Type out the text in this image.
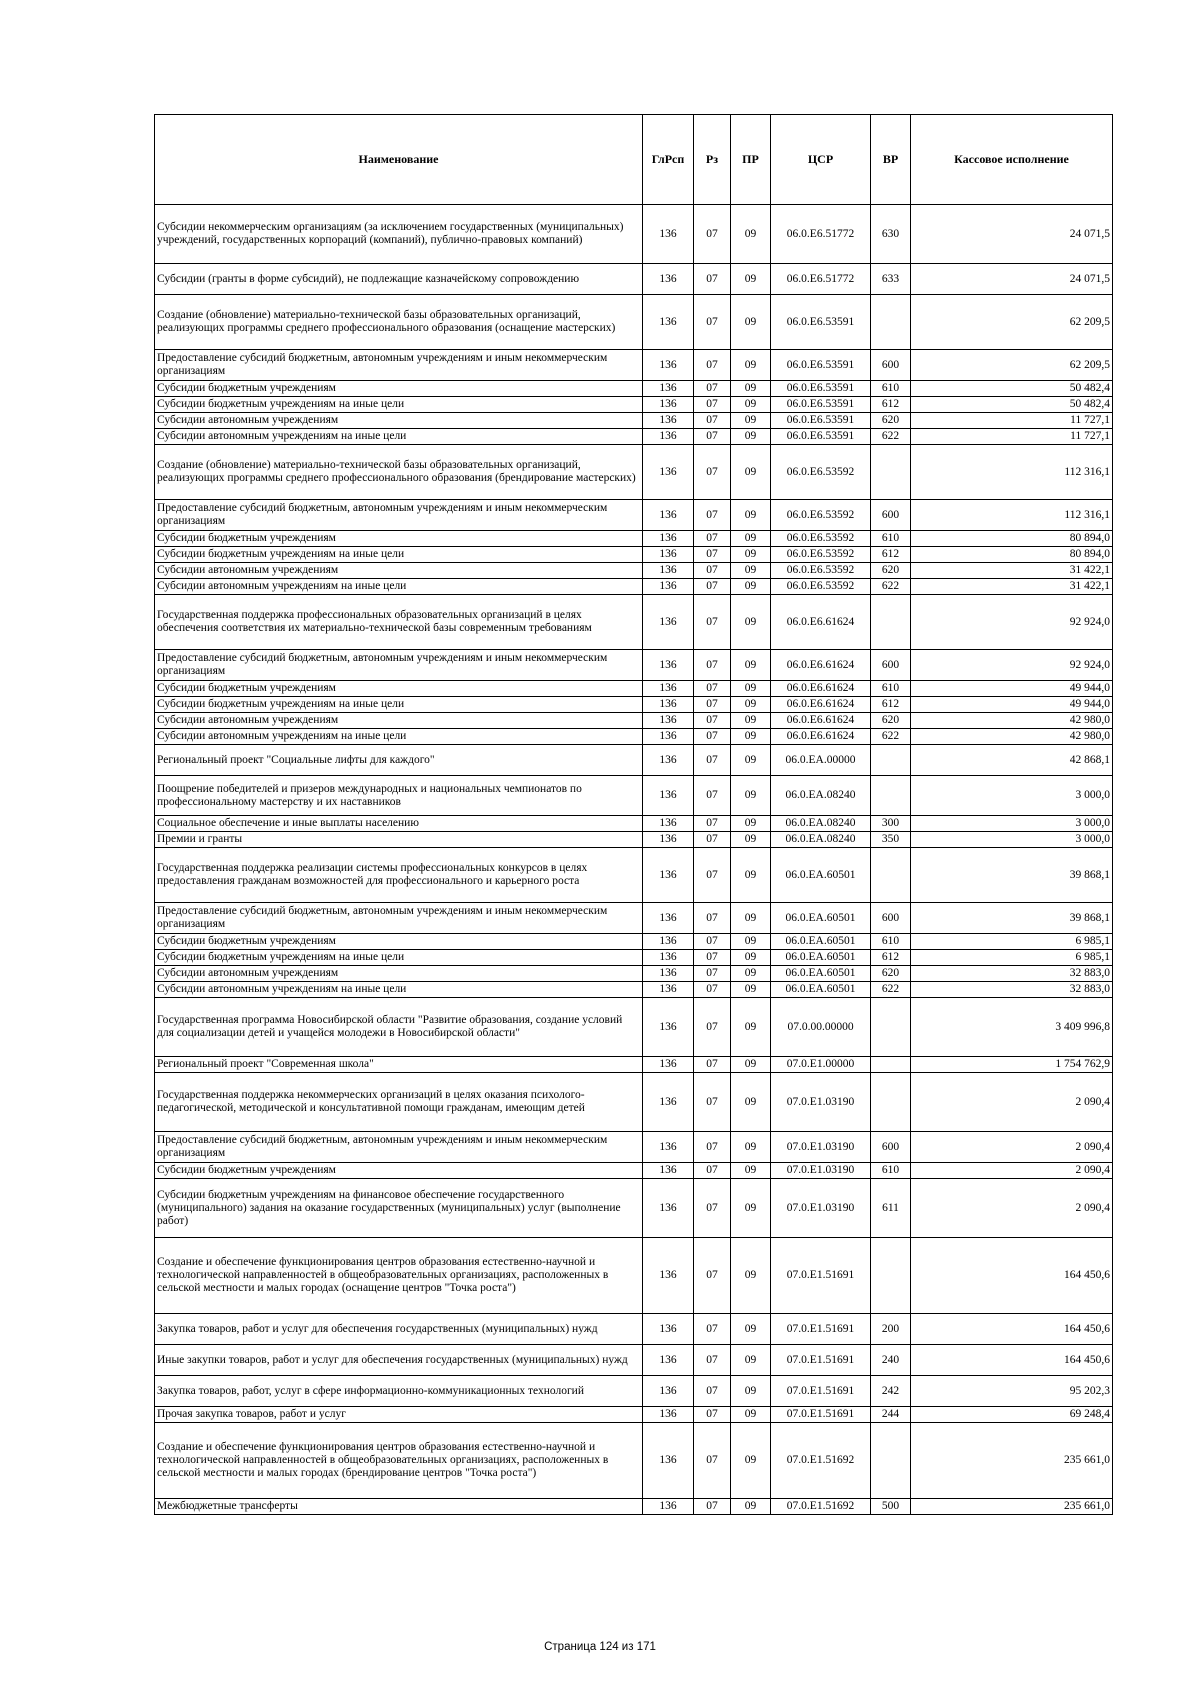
Наименование	ГлРсп	Рз	ПР	ЦСР	ВР	Кассовое исполнение
Субсидии некоммерческим организациям (за исключением государственных (муниципальных) учреждений, государственных корпораций (компаний), публично-правовых компаний)	136	07	09	06.0.E6.51772	630	24 071,5
Субсидии (гранты в форме субсидий), не подлежащие казначейскому сопровождению	136	07	09	06.0.E6.51772	633	24 071,5
Создание (обновление) материально-технической базы образовательных организаций, реализующих программы среднего профессионального образования (оснащение мастерских)	136	07	09	06.0.E6.53591		62 209,5
Предоставление субсидий бюджетным, автономным учреждениям и иным некоммерческим организациям	136	07	09	06.0.E6.53591	600	62 209,5
Субсидии бюджетным учреждениям	136	07	09	06.0.E6.53591	610	50 482,4
Субсидии бюджетным учреждениям на иные цели	136	07	09	06.0.E6.53591	612	50 482,4
Субсидии автономным учреждениям	136	07	09	06.0.E6.53591	620	11 727,1
Субсидии автономным учреждениям на иные цели	136	07	09	06.0.E6.53591	622	11 727,1
Создание (обновление) материально-технической базы образовательных организаций, реализующих программы среднего профессионального образования (брендирование мастерских)	136	07	09	06.0.E6.53592		112 316,1
Предоставление субсидий бюджетным, автономным учреждениям и иным некоммерческим организациям	136	07	09	06.0.E6.53592	600	112 316,1
Субсидии бюджетным учреждениям	136	07	09	06.0.E6.53592	610	80 894,0
Субсидии бюджетным учреждениям на иные цели	136	07	09	06.0.E6.53592	612	80 894,0
Субсидии автономным учреждениям	136	07	09	06.0.E6.53592	620	31 422,1
Субсидии автономным учреждениям на иные цели	136	07	09	06.0.E6.53592	622	31 422,1
Государственная поддержка профессиональных образовательных организаций в целях обеспечения соответствия их материально-технической базы современным требованиям	136	07	09	06.0.E6.61624		92 924,0
Предоставление субсидий бюджетным, автономным учреждениям и иным некоммерческим организациям	136	07	09	06.0.E6.61624	600	92 924,0
Субсидии бюджетным учреждениям	136	07	09	06.0.E6.61624	610	49 944,0
Субсидии бюджетным учреждениям на иные цели	136	07	09	06.0.E6.61624	612	49 944,0
Субсидии автономным учреждениям	136	07	09	06.0.E6.61624	620	42 980,0
Субсидии автономным учреждениям на иные цели	136	07	09	06.0.E6.61624	622	42 980,0
Региональный проект "Социальные лифты для каждого"	136	07	09	06.0.EA.00000		42 868,1
Поощрение победителей и призеров международных и национальных чемпионатов по профессиональному мастерству и их наставников	136	07	09	06.0.EA.08240		3 000,0
Социальное обеспечение и иные выплаты населению	136	07	09	06.0.EA.08240	300	3 000,0
Премии и гранты	136	07	09	06.0.EA.08240	350	3 000,0
Государственная поддержка реализации системы профессиональных конкурсов в целях предоставления гражданам возможностей для профессионального и карьерного роста	136	07	09	06.0.EA.60501		39 868,1
Предоставление субсидий бюджетным, автономным учреждениям и иным некоммерческим организациям	136	07	09	06.0.EA.60501	600	39 868,1
Субсидии бюджетным учреждениям	136	07	09	06.0.EA.60501	610	6 985,1
Субсидии бюджетным учреждениям на иные цели	136	07	09	06.0.EA.60501	612	6 985,1
Субсидии автономным учреждениям	136	07	09	06.0.EA.60501	620	32 883,0
Субсидии автономным учреждениям на иные цели	136	07	09	06.0.EA.60501	622	32 883,0
Государственная программа Новосибирской области "Развитие образования, создание условий для социализации детей и учащейся молодежи в Новосибирской области"	136	07	09	07.0.00.00000		3 409 996,8
Региональный проект "Современная школа"	136	07	09	07.0.E1.00000		1 754 762,9
Государственная поддержка некоммерческих организаций в целях оказания психолого-педагогической, методической и консультативной помощи гражданам, имеющим детей	136	07	09	07.0.E1.03190		2 090,4
Предоставление субсидий бюджетным, автономным учреждениям и иным некоммерческим организациям	136	07	09	07.0.E1.03190	600	2 090,4
Субсидии бюджетным учреждениям	136	07	09	07.0.E1.03190	610	2 090,4
Субсидии бюджетным учреждениям на финансовое обеспечение государственного (муниципального) задания на оказание государственных (муниципальных) услуг (выполнение работ)	136	07	09	07.0.E1.03190	611	2 090,4
Создание и обеспечение функционирования центров образования естественно-научной и технологической направленностей в общеобразовательных организациях, расположенных в сельской местности и малых городах (оснащение центров "Точка роста")	136	07	09	07.0.E1.51691		164 450,6
Закупка товаров, работ и услуг для обеспечения государственных (муниципальных) нужд	136	07	09	07.0.E1.51691	200	164 450,6
Иные закупки товаров, работ и услуг для обеспечения государственных (муниципальных) нужд	136	07	09	07.0.E1.51691	240	164 450,6
Закупка товаров, работ, услуг в сфере информационно-коммуникационных технологий	136	07	09	07.0.E1.51691	242	95 202,3
Прочая закупка товаров, работ и услуг	136	07	09	07.0.E1.51691	244	69 248,4
Создание и обеспечение функционирования центров образования естественно-научной и технологической направленностей в общеобразовательных организациях, расположенных в сельской местности и малых городах (брендирование центров "Точка роста")	136	07	09	07.0.E1.51692		235 661,0
Межбюджетные трансферты	136	07	09	07.0.E1.51692	500	235 661,0
Страница 124 из 171
